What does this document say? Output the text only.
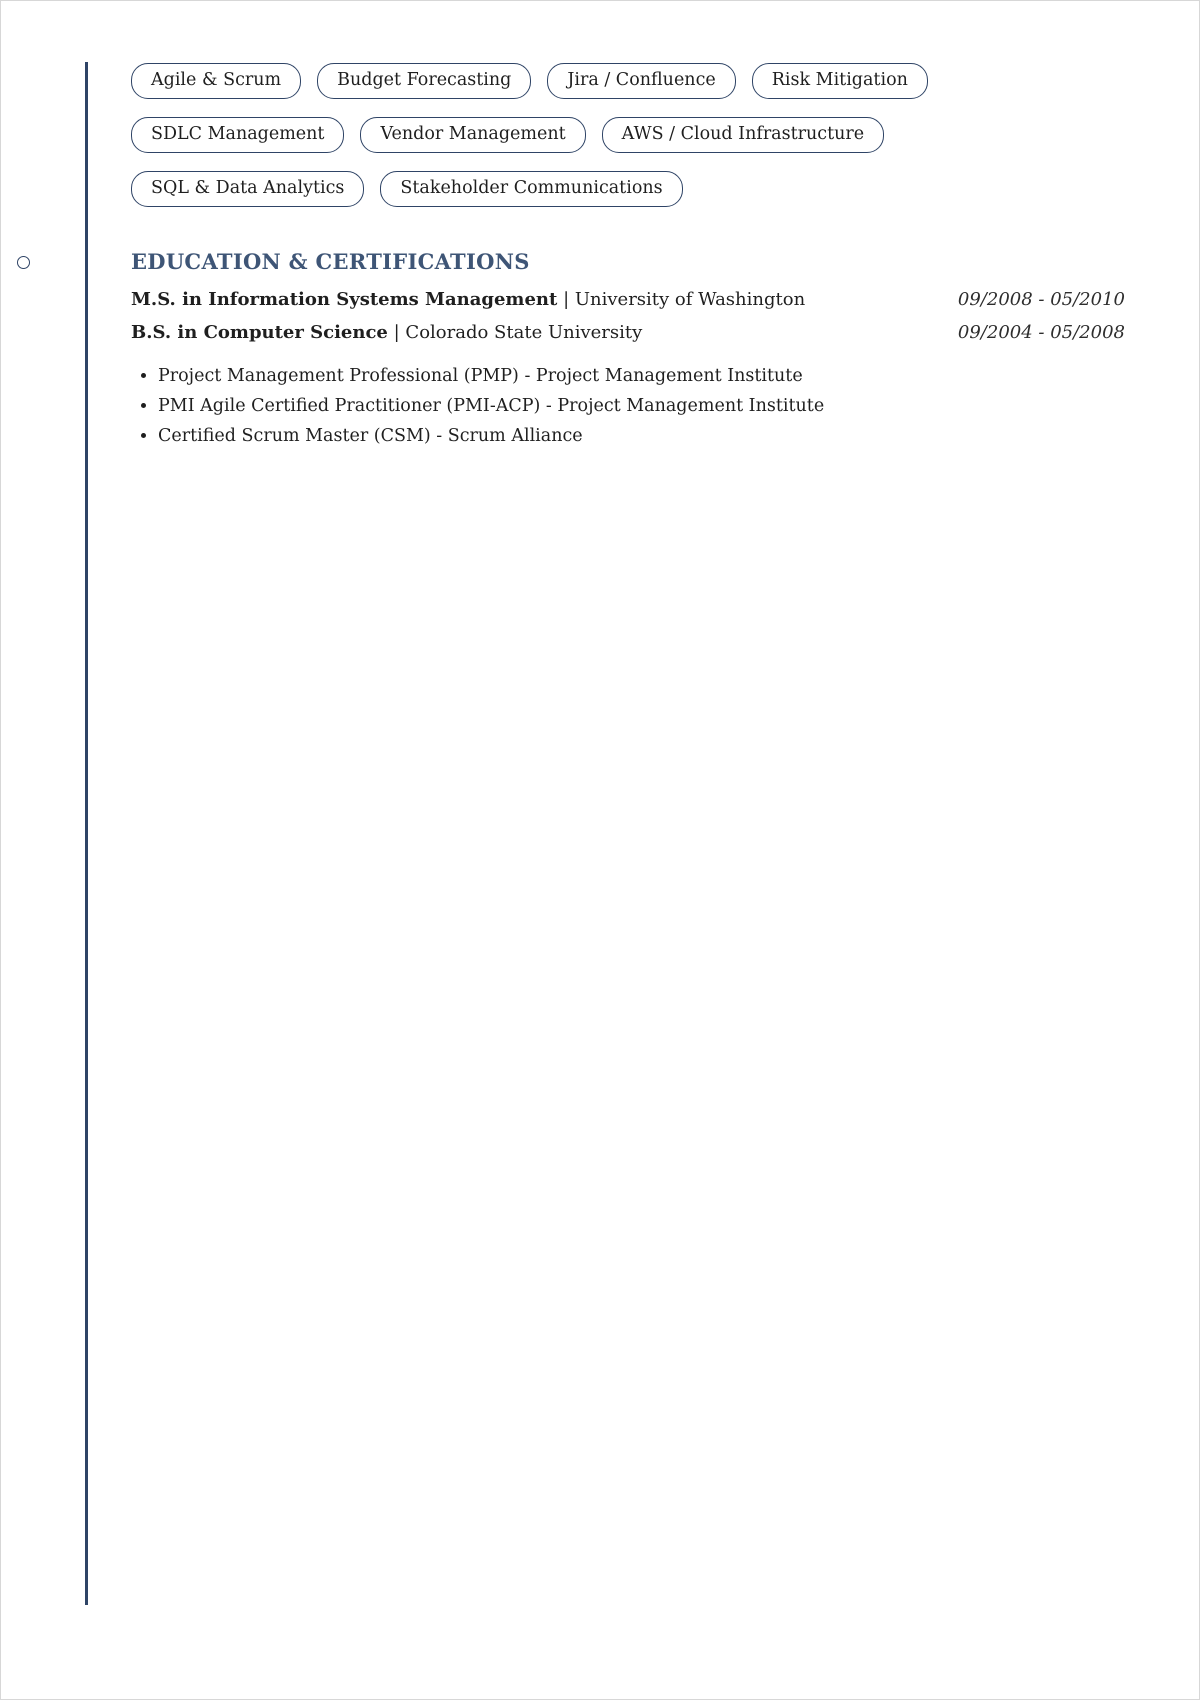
Agile & Scrum	Budget Forecasting	Jira / Confluence	Risk Mitigation
SDLC Management	Vendor Management	AWS / Cloud Infrastructure
SQL & Data Analytics	Stakeholder Communications
EDUCATION & CERTIFICATIONS
M.S. in Information Systems Management | University of Washington	09/2008 - 05/2010
B.S. in Computer Science | Colorado State University	09/2004 - 05/2008
• Project Management Professional (PMP) - Project Management Institute
• PMI Agile Certified Practitioner (PMI-ACP) - Project Management Institute
• Certified Scrum Master (CSM) - Scrum Alliance
